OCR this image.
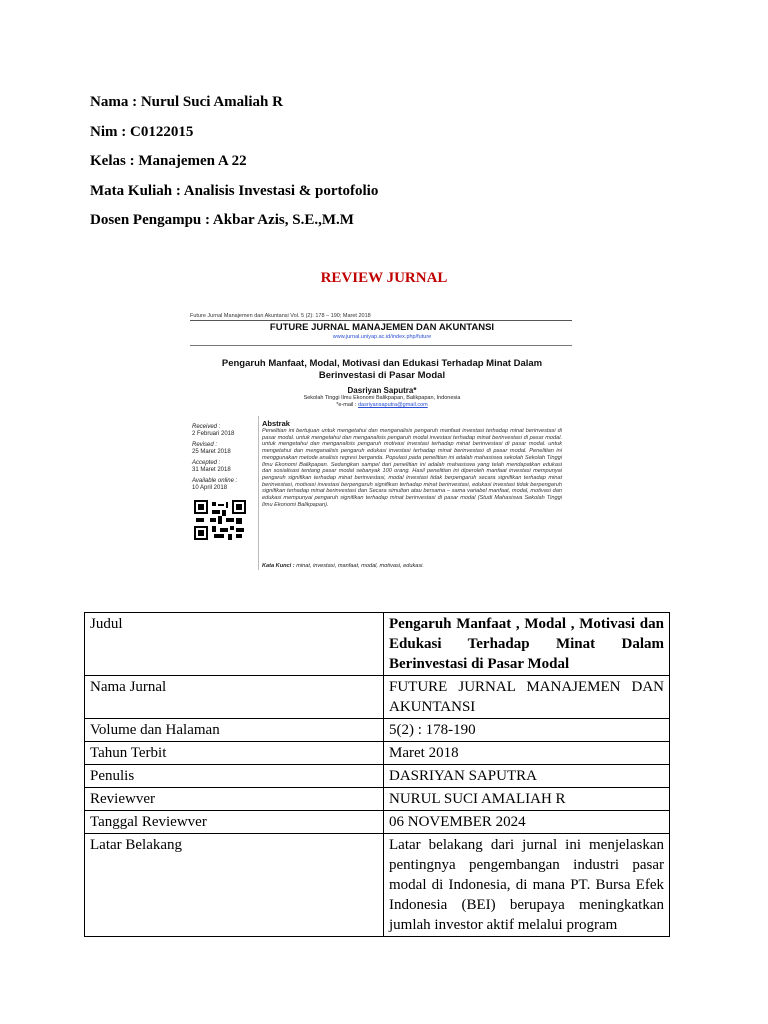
Nama : Nurul Suci Amaliah R
Nim : C0122015
Kelas : Manajemen A 22
Mata Kuliah : Analisis Investasi & portofolio
Dosen Pengampu : Akbar Azis, S.E.,M.M
REVIEW JURNAL
Future Jurnal Manajemen dan Akuntansi Vol. 5 (2): 178 – 190; Maret 2018
FUTURE JURNAL MANAJEMEN DAN AKUNTANSI
www.jurnal.uniyap.ac.id/index.php/future
Pengaruh Manfaat, Modal, Motivasi dan Edukasi Terhadap Minat Dalam Berinvestasi di Pasar Modal
Dasriyan Saputra*
Sekolah Tinggi Ilmu Ekonomi Balikpapan, Balikpapan, Indonesia
*e-mail : dasriyansaputra@gmail.com
Received :
2 Februari 2018
Revised :
25 Maret 2018
Accepted :
31 Maret 2018
Available online :
10 April 2018
Abstrak
Penelitian ini bertujuan untuk mengetahui dan menganalisis pengaruh manfaat investasi terhadap minat berinvestasi di pasar modal. untuk mengetahui dan menganalisis pengaruh modal investasi terhadap minat berinvestasi di pasar modal. untuk mengetahui dan menganalisis pengaruh motivasi investasi terhadap minat berinvestasi di pasar modal. untuk mengetahui dan menganalisis pengaruh edukasi investasi terhadap minat berinvestasi di pasar modal. Penelitian ini menggunakan metode analisis regresi berganda. Populasi pada penelitian ini adalah mahasiswa sekolah Sekolah Tinggi Ilmu Ekonomi Balikpapan. Sedangkan sampel dari penelitian ini adalah mahasiswa yang telah mendapatkan edukasi dan sosialisasi tentang pasar modal sebanyak 100 orang. Hasil penelitian ini diperoleh manfaat investasi mempunyai pengaruh signifikan terhadap minat berinvestasi, modal investasi tidak berpengaruh secara signifikan terhadap minat berinvestasi, motivasi investasi berpengaruh signifikan terhadap minat berinvestasi, edukasi investasi tidak berpengaruh signifikan terhadap minat berinvestasi dan Secara simultan atau bersama – sama variabel manfaat, modal, motivasi dan edukasi mempunyai pengaruh signifikan terhadap minat berinvestasi di pasar modal (Studi Mahasiswa Sekolah Tinggi Ilmu Ekonomi Balikpapan).
Kata Kunci : minat, investasi, manfaat, modal, motivasi, edukasi.
Judul	Pengaruh Manfaat , Modal , Motivasi dan Edukasi Terhadap Minat Dalam Berinvestasi di Pasar Modal
Nama Jurnal	FUTURE JURNAL MANAJEMEN DAN AKUNTANSI
Volume dan Halaman	5(2) : 178-190
Tahun Terbit	Maret 2018
Penulis	DASRIYAN SAPUTRA
Reviewver	NURUL SUCI AMALIAH R
Tanggal Reviewver	06 NOVEMBER 2024
Latar Belakang	Latar belakang dari jurnal ini menjelaskan pentingnya pengembangan industri pasar modal di Indonesia, di mana PT. Bursa Efek Indonesia (BEI) berupaya meningkatkan jumlah investor aktif melalui program
